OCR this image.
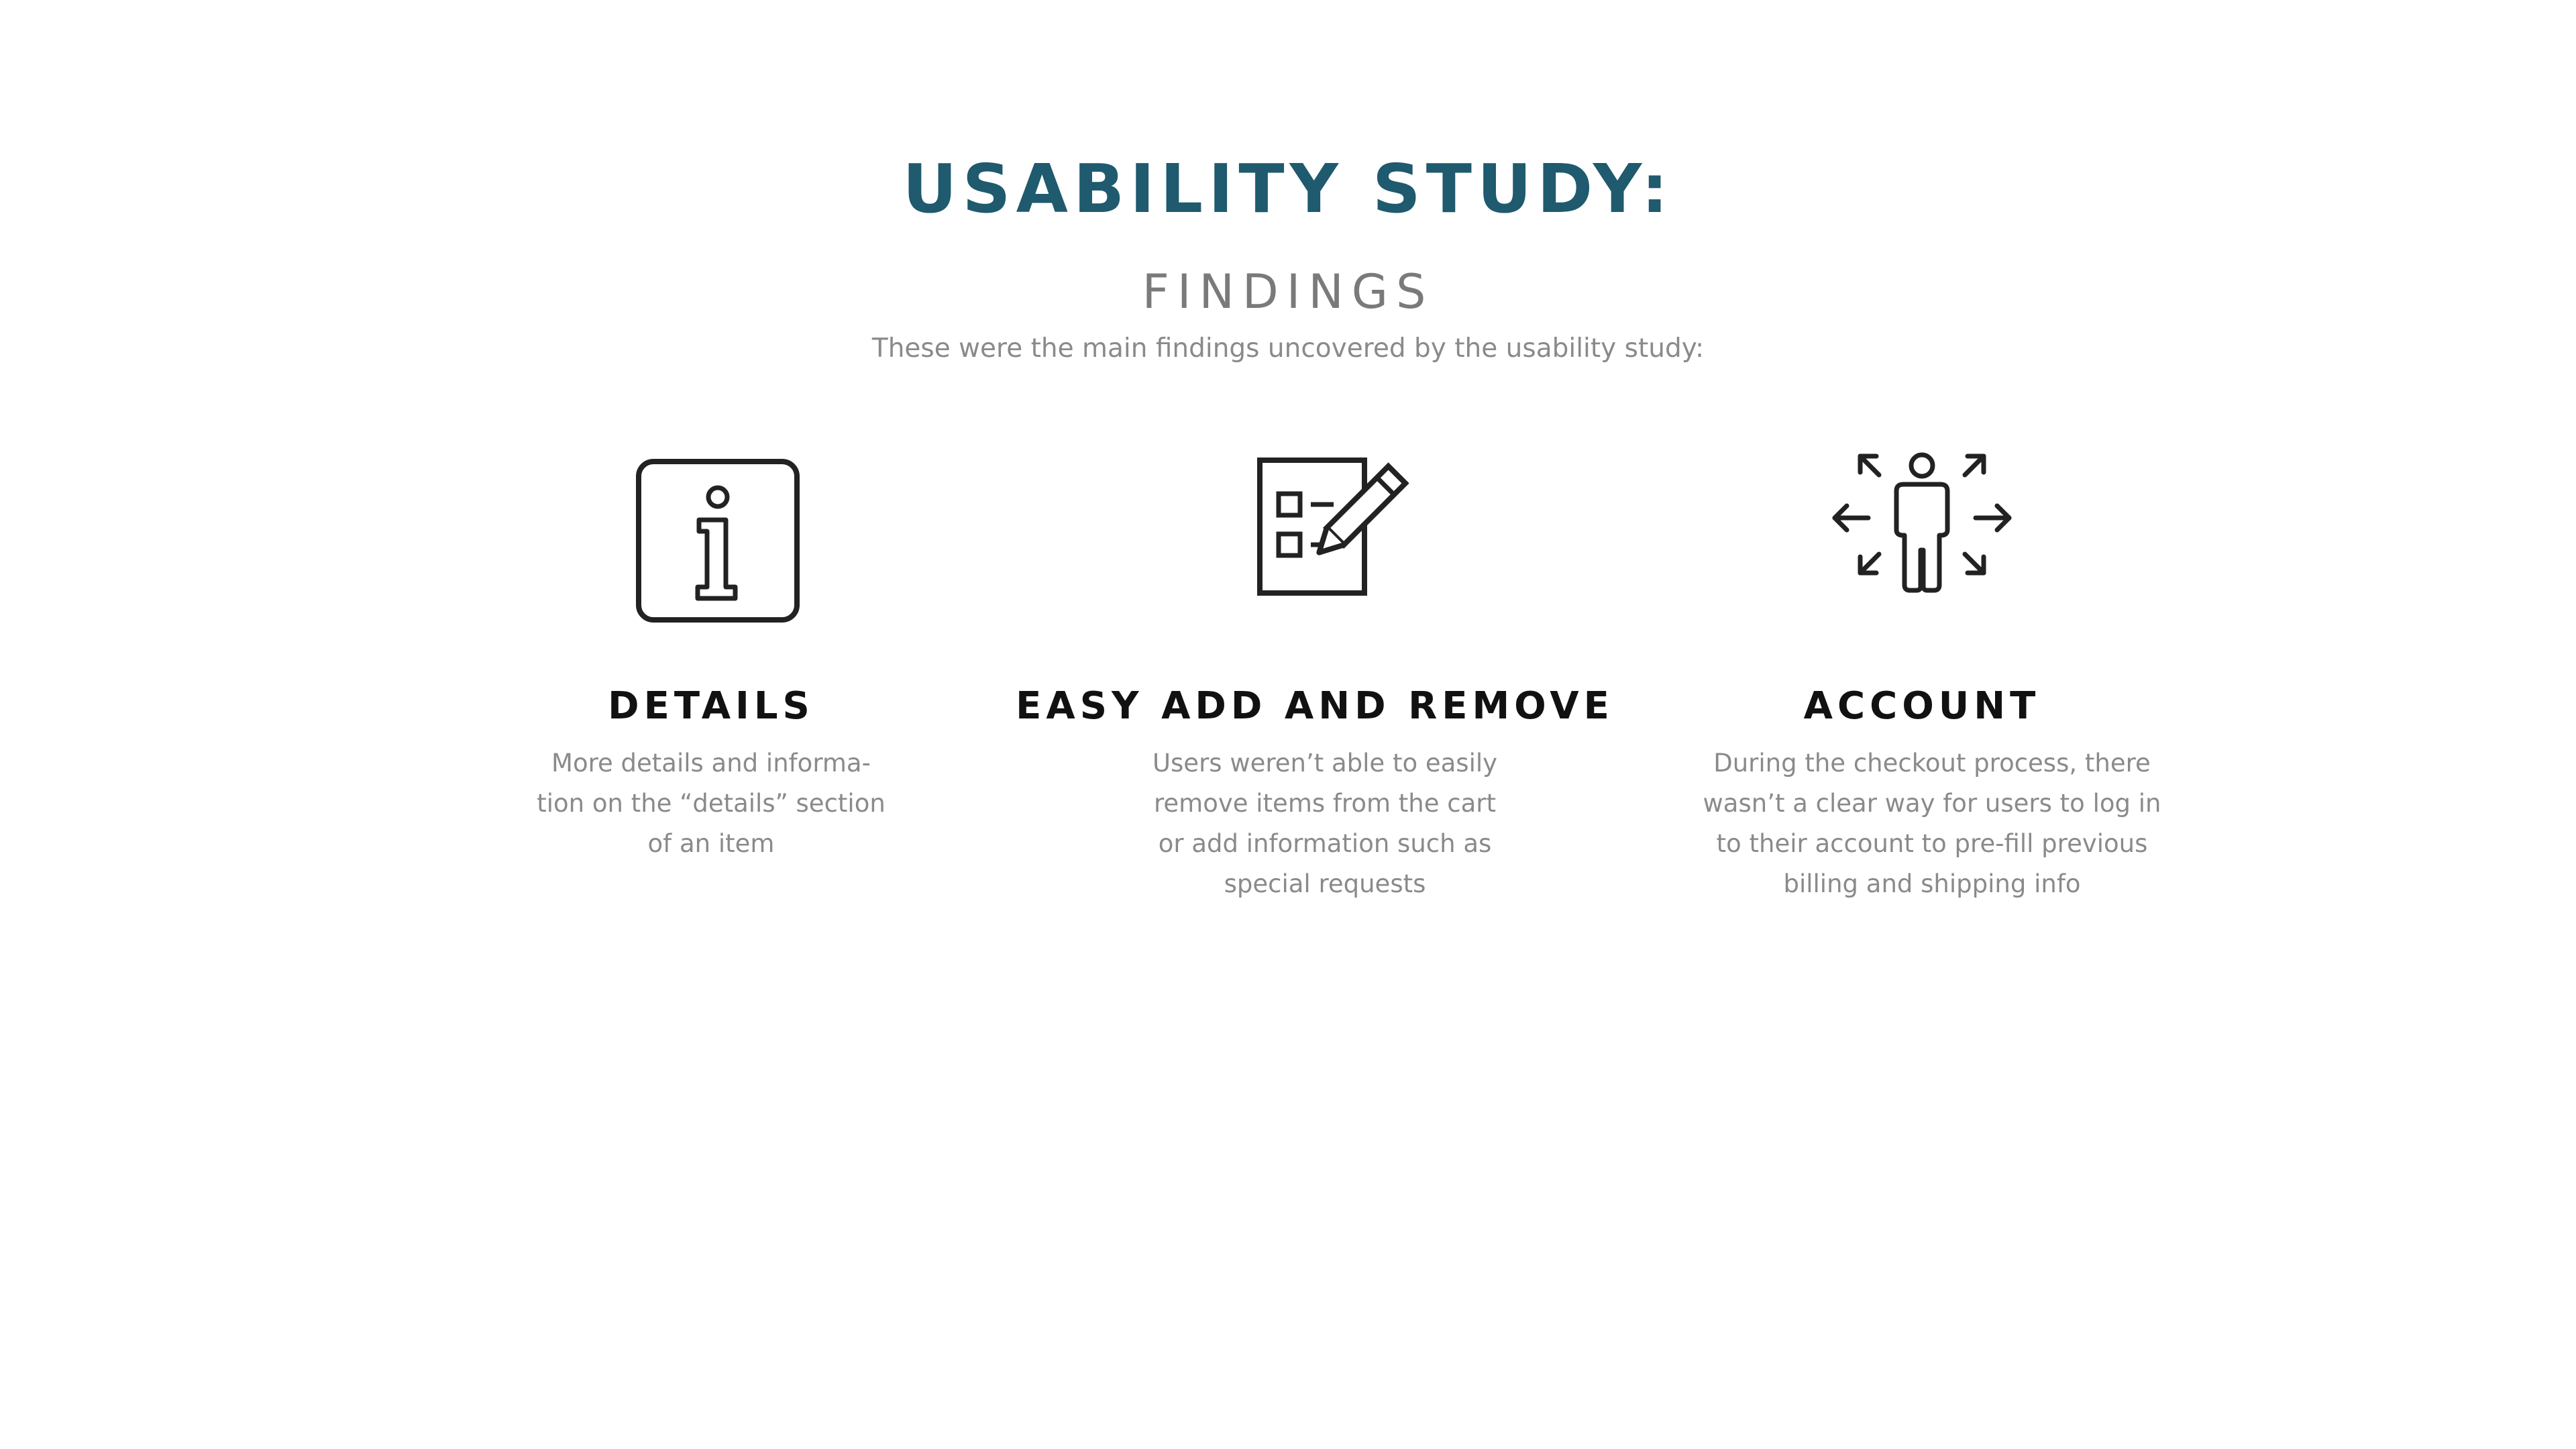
USABILITY STUDY:
FINDINGS
These were the main findings uncovered by the usability study:
DETAILS
More details and informa-tion on the “details” section of an item
EASY ADD AND REMOVE
Users weren’t able to easily remove items from the cart or add information such as special requests
ACCOUNT
During the checkout process, there wasn’t a clear way for users to log in to their account to pre-fill previous billing and shipping info
